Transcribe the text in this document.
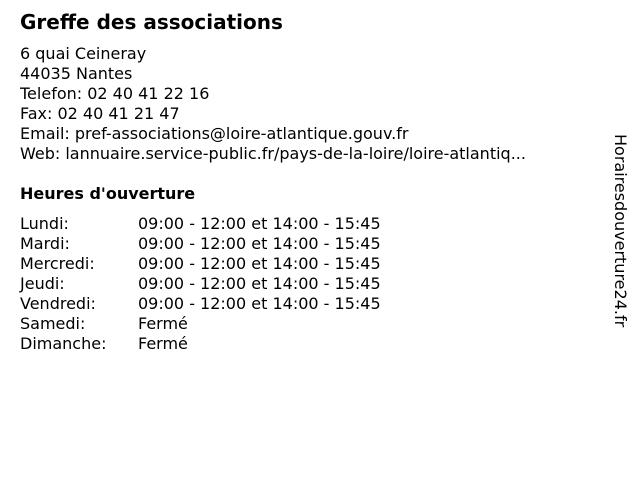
Greffe des associations
6 quai Ceineray
44035 Nantes
Telefon: 02 40 41 22 16
Fax: 02 40 41 21 47
Email: pref-associations@loire-atlantique.gouv.fr
Web: lannuaire.service-public.fr/pays-de-la-loire/loire-atlantiq...
Heures d'ouverture
Lundi:	09:00 - 12:00 et 14:00 - 15:45
Mardi:	09:00 - 12:00 et 14:00 - 15:45
Mercredi:	09:00 - 12:00 et 14:00 - 15:45
Jeudi:	09:00 - 12:00 et 14:00 - 15:45
Vendredi:	09:00 - 12:00 et 14:00 - 15:45
Samedi:	Fermé
Dimanche:	Fermé
Horairesdouverture24.fr
